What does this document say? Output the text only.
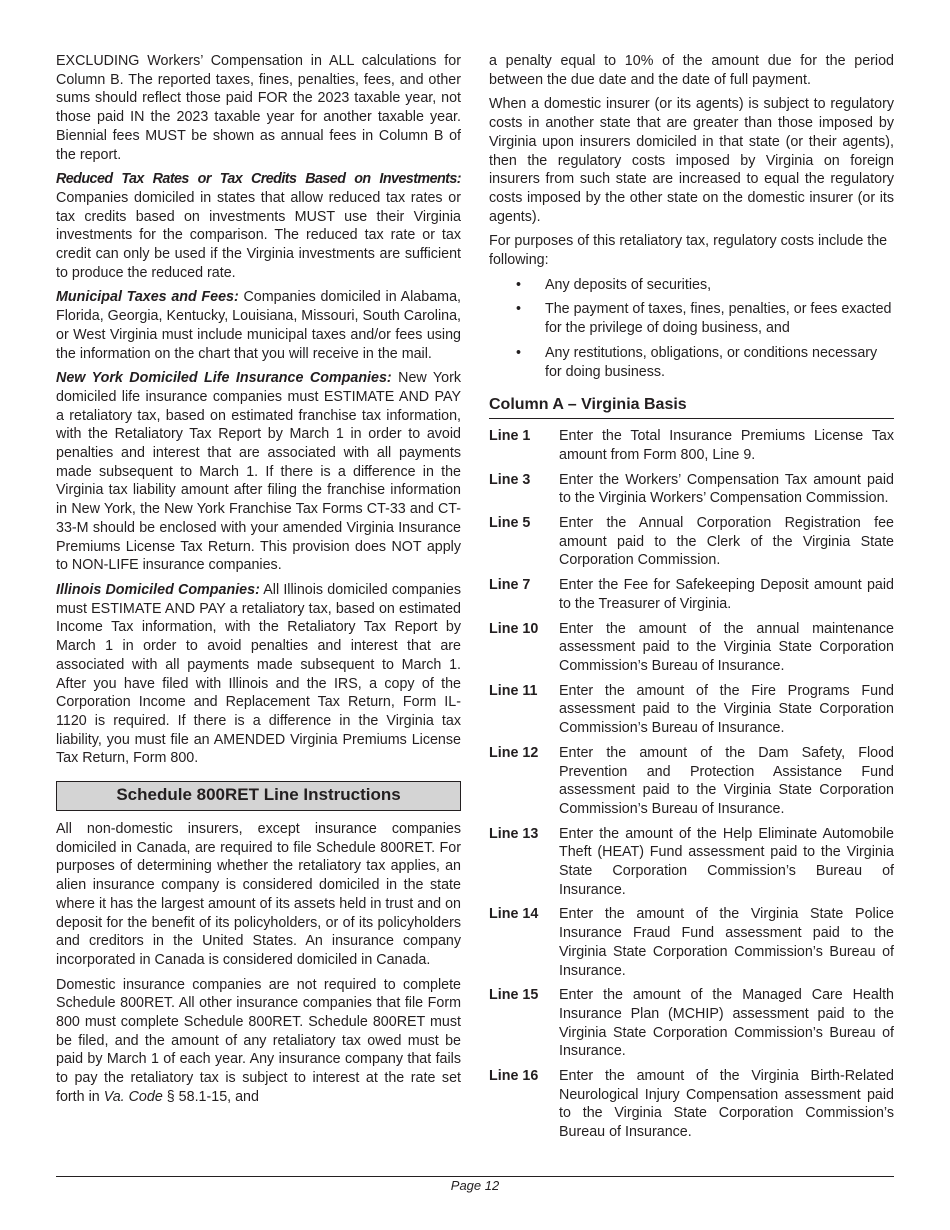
EXCLUDING Workers’ Compensation in ALL calculations for Column B. The reported taxes, fines, penalties, fees, and other sums should reflect those paid FOR the 2023 taxable year, not those paid IN the 2023 taxable year for another taxable year. Biennial fees MUST be shown as annual fees in Column B of the report.

Reduced Tax Rates or Tax Credits Based on Investments: Companies domiciled in states that allow reduced tax rates or tax credits based on investments MUST use their Virginia investments for the comparison. The reduced tax rate or tax credit can only be used if the Virginia investments are sufficient to produce the reduced rate.

Municipal Taxes and Fees: Companies domiciled in Alabama, Florida, Georgia, Kentucky, Louisiana, Missouri, South Carolina, or West Virginia must include municipal taxes and/or fees using the information on the chart that you will receive in the mail.

New York Domiciled Life Insurance Companies: New York domiciled life insurance companies must ESTIMATE AND PAY a retaliatory tax, based on estimated franchise tax information, with the Retaliatory Tax Report by March 1 in order to avoid penalties and interest that are associated with all payments made subsequent to March 1. If there is a difference in the Virginia tax liability amount after filing the franchise information in New York, the New York Franchise Tax Forms CT-33 and CT-33-M should be enclosed with your amended Virginia Insurance Premiums License Tax Return. This provision does NOT apply to NON-LIFE insurance companies.

Illinois Domiciled Companies: All Illinois domiciled companies must ESTIMATE AND PAY a retaliatory tax, based on estimated Income Tax information, with the Retaliatory Tax Report by March 1 in order to avoid penalties and interest that are associated with all payments made subsequent to March 1. After you have filed with Illinois and the IRS, a copy of the Corporation Income and Replacement Tax Return, Form IL-1120 is required. If there is a difference in the Virginia tax liability, you must file an AMENDED Virginia Premiums License Tax Return, Form 800.

Schedule 800RET Line Instructions

All non-domestic insurers, except insurance companies domiciled in Canada, are required to file Schedule 800RET. For purposes of determining whether the retaliatory tax applies, an alien insurance company is considered domiciled in the state where it has the largest amount of its assets held in trust and on deposit for the benefit of its policyholders, or of its policyholders and creditors in the United States. An insurance company incorporated in Canada is considered domiciled in Canada.

Domestic insurance companies are not required to complete Schedule 800RET. All other insurance companies that file Form 800 must complete Schedule 800RET. Schedule 800RET must be filed, and the amount of any retaliatory tax owed must be paid by March 1 of each year. Any insurance company that fails to pay the retaliatory tax is subject to interest at the rate set forth in Va. Code § 58.1-15, and

a penalty equal to 10% of the amount due for the period between the due date and the date of full payment.

When a domestic insurer (or its agents) is subject to regulatory costs in another state that are greater than those imposed by Virginia upon insurers domiciled in that state (or their agents), then the regulatory costs imposed by Virginia on foreign insurers from such state are increased to equal the regulatory costs imposed by the other state on the domestic insurer (or its agents).

For purposes of this retaliatory tax, regulatory costs include the following:

• Any deposits of securities,
• The payment of taxes, fines, penalties, or fees exacted for the privilege of doing business, and
• Any restitutions, obligations, or conditions necessary for doing business.
Column A – Virginia Basis
Line 1	Enter the Total Insurance Premiums License Tax amount from Form 800, Line 9.
Line 3	Enter the Workers’ Compensation Tax amount paid to the Virginia Workers’ Compensation Commission.
Line 5	Enter the Annual Corporation Registration fee amount paid to the Clerk of the Virginia State Corporation Commission.
Line 7	Enter the Fee for Safekeeping Deposit amount paid to the Treasurer of Virginia.
Line 10	Enter the amount of the annual maintenance assessment paid to the Virginia State Corporation Commission’s Bureau of Insurance.
Line 11	Enter the amount of the Fire Programs Fund assessment paid to the Virginia State Corporation Commission’s Bureau of Insurance.
Line 12	Enter the amount of the Dam Safety, Flood Prevention and Protection Assistance Fund assessment paid to the Virginia State Corporation Commission’s Bureau of Insurance.
Line 13	Enter the amount of the Help Eliminate Automobile Theft (HEAT) Fund assessment paid to the Virginia State Corporation Commission’s Bureau of Insurance.
Line 14	Enter the amount of the Virginia State Police Insurance Fraud Fund assessment paid to the Virginia State Corporation Commission’s Bureau of Insurance.
Line 15	Enter the amount of the Managed Care Health Insurance Plan (MCHIP) assessment paid to the Virginia State Corporation Commission’s Bureau of Insurance.
Line 16	Enter the amount of the Virginia Birth-Related Neurological Injury Compensation assessment paid to the Virginia State Corporation Commission’s Bureau of Insurance.
Page 12
